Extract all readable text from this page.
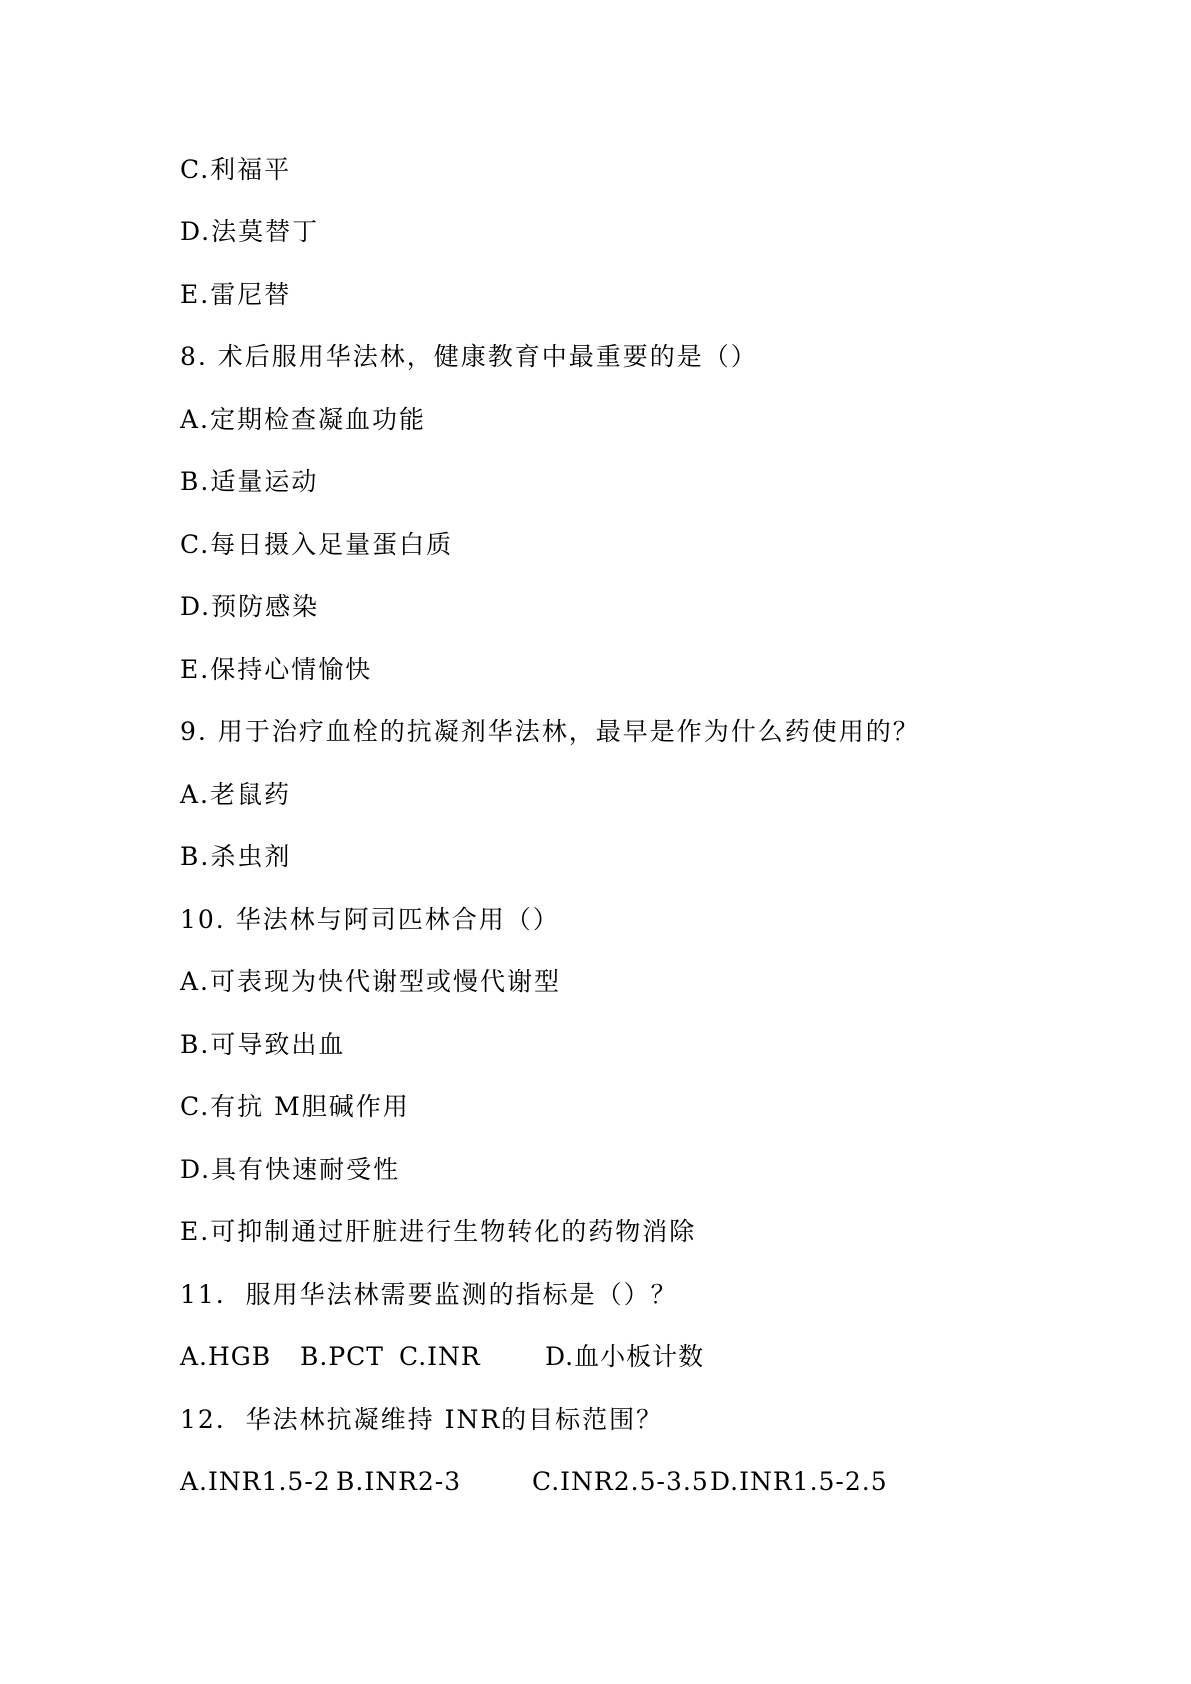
C.利福平

D.法莫替丁

E.雷尼替

8. 术后服用华法林，健康教育中最重要的是（）

A.定期检查凝血功能

B.适量运动

C.每日摄入足量蛋白质

D.预防感染

E.保持心情愉快

9. 用于治疗血栓的抗凝剂华法林，最早是作为什么药使用的？

A.老鼠药

B.杀虫剂

10. 华法林与阿司匹林合用（）

A.可表现为快代谢型或慢代谢型

B.可导致出血

C.有抗 M胆碱作用

D.具有快速耐受性

E.可抑制通过肝脏进行生物转化的药物消除

11.  服用华法林需要监测的指标是（）？

A.HGB B.PCT C.INR	D.血小板计数

12.  华法林抗凝维持 INR的目标范围？

A.INR1.5-2 B.INR2-3	C.INR2.5-3.5 D.INR1.5-2.5
